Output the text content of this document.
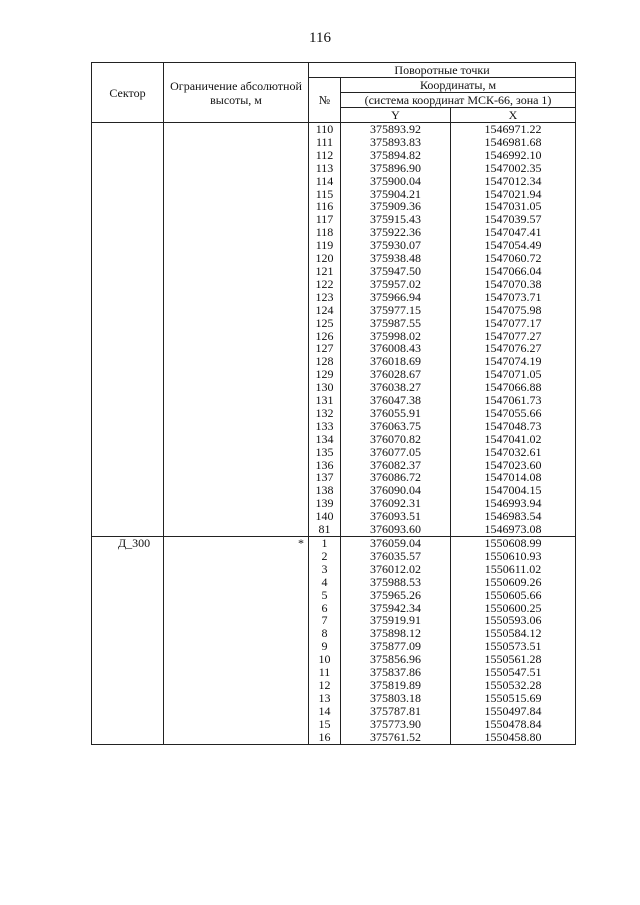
116
Сектор	Ограничение абсолютной высоты, м	Поворотные точки		
		№	Координаты, м	
			(система координат МСК-66, зона 1)	
			Y	X
		110	375893.92	1546971.22
		111	375893.83	1546981.68
		112	375894.82	1546992.10
		113	375896.90	1547002.35
		114	375900.04	1547012.34
		115	375904.21	1547021.94
		116	375909.36	1547031.05
		117	375915.43	1547039.57
		118	375922.36	1547047.41
		119	375930.07	1547054.49
		120	375938.48	1547060.72
		121	375947.50	1547066.04
		122	375957.02	1547070.38
		123	375966.94	1547073.71
		124	375977.15	1547075.98
		125	375987.55	1547077.17
		126	375998.02	1547077.27
		127	376008.43	1547076.27
		128	376018.69	1547074.19
		129	376028.67	1547071.05
		130	376038.27	1547066.88
		131	376047.38	1547061.73
		132	376055.91	1547055.66
		133	376063.75	1547048.73
		134	376070.82	1547041.02
		135	376077.05	1547032.61
		136	376082.37	1547023.60
		137	376086.72	1547014.08
		138	376090.04	1547004.15
		139	376092.31	1546993.94
		140	376093.51	1546983.54
		81	376093.60	1546973.08
Д_300	*	1	376059.04	1550608.99
		2	376035.57	1550610.93
		3	376012.02	1550611.02
		4	375988.53	1550609.26
		5	375965.26	1550605.66
		6	375942.34	1550600.25
		7	375919.91	1550593.06
		8	375898.12	1550584.12
		9	375877.09	1550573.51
		10	375856.96	1550561.28
		11	375837.86	1550547.51
		12	375819.89	1550532.28
		13	375803.18	1550515.69
		14	375787.81	1550497.84
		15	375773.90	1550478.84
		16	375761.52	1550458.80
